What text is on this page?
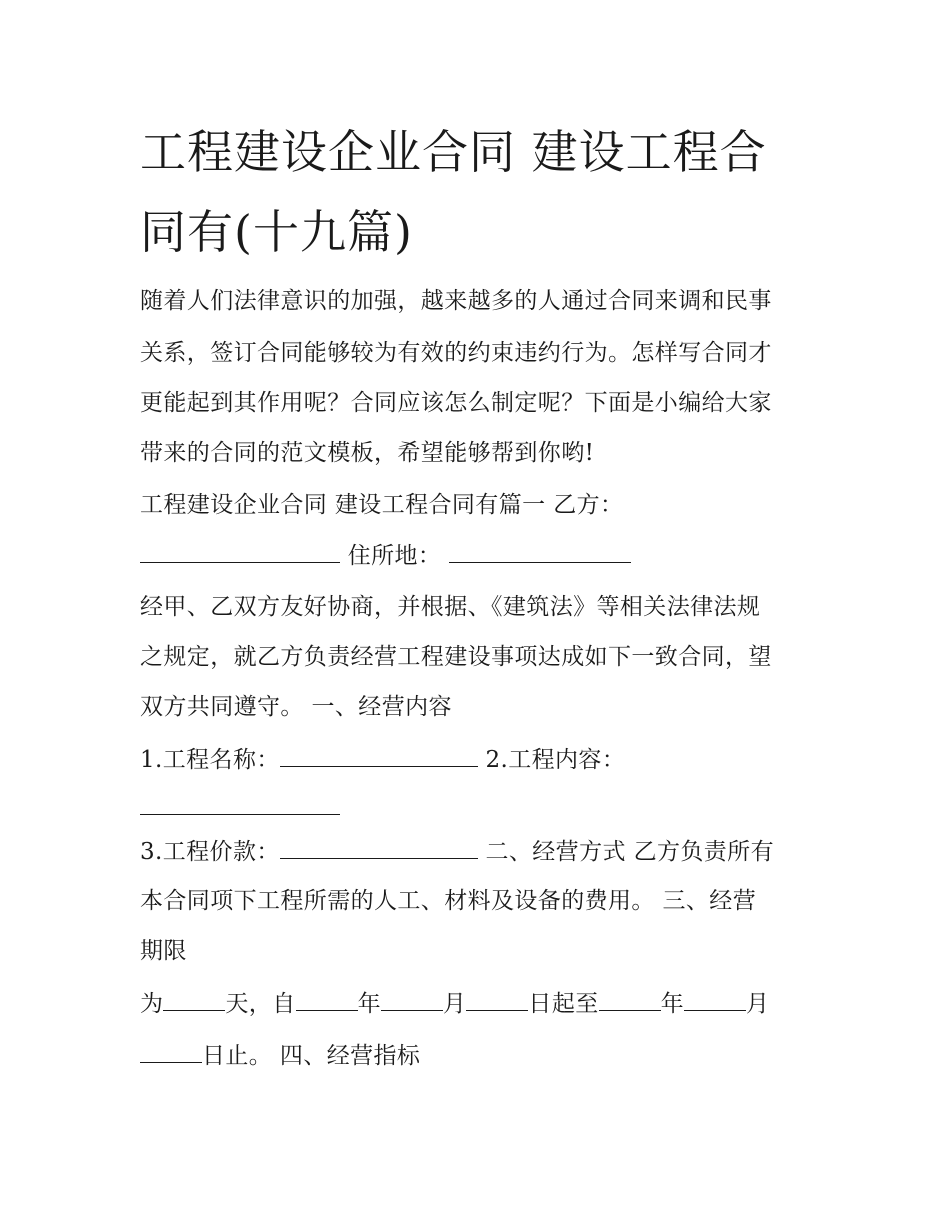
工程建设企业合同 建设工程合
同有(十九篇)
随着人们法律意识的加强，越来越多的人通过合同来调和民事
关系，签订合同能够较为有效的约束违约行为。怎样写合同才
更能起到其作用呢？合同应该怎么制定呢？下面是小编给大家
带来的合同的范文模板，希望能够帮到你哟!
工程建设企业合同 建设工程合同有篇一 乙方：
住所地：
经甲、乙双方友好协商，并根据、《建筑法》等相关法律法规
之规定，就乙方负责经营工程建设事项达成如下一致合同，望
双方共同遵守。 一、经营内容
1.工程名称：	2.工程内容：
3.工程价款：	二、经营方式 乙方负责所有
本合同项下工程所需的人工、材料及设备的费用。 三、经营
期限
为	天，自	年	月	日起至	年	月
日止。 四、经营指标
